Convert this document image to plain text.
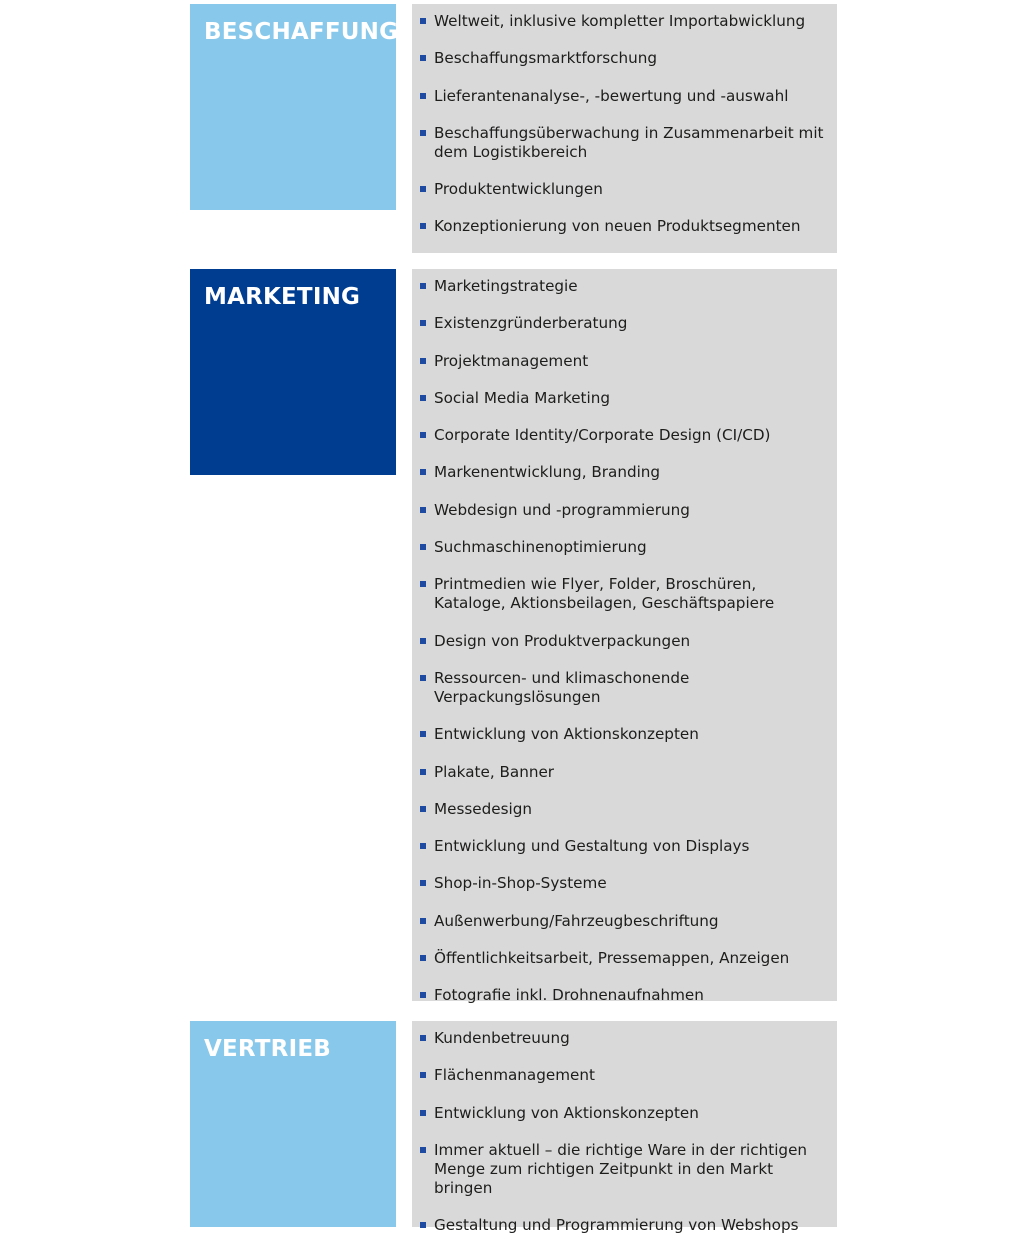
BESCHAFFUNG	Weltweit, inklusive kompletter Importabwicklung
Beschaffungsmarktforschung
Lieferantenanalyse-, -bewertung und -auswahl
Beschaffungsüberwachung in Zusammenarbeit mit
dem Logistikbereich
Produktentwicklungen
Konzeptionierung von neuen Produktsegmenten
MARKETING	Marketingstrategie
Existenzgründerberatung
Projektmanagement
Social Media Marketing
Corporate Identity/Corporate Design (CI/CD)
Markenentwicklung, Branding
Webdesign und -programmierung
Suchmaschinenoptimierung
Printmedien wie Flyer, Folder, Broschüren,
Kataloge, Aktionsbeilagen, Geschäftspapiere
Design von Produktverpackungen
Ressourcen- und klimaschonende Verpackungslösungen
Entwicklung von Aktionskonzepten
Plakate, Banner
Messedesign
Entwicklung und Gestaltung von Displays
Shop-in-Shop-Systeme
Außenwerbung/Fahrzeugbeschriftung
Öffentlichkeitsarbeit, Pressemappen, Anzeigen
Fotografie inkl. Drohnenaufnahmen
VERTRIEB	Kundenbetreuung
Flächenmanagement
Entwicklung von Aktionskonzepten
Immer aktuell – die richtige Ware in der richtigen
Menge zum richtigen Zeitpunkt in den Markt bringen
Gestaltung und Programmierung von Webshops
